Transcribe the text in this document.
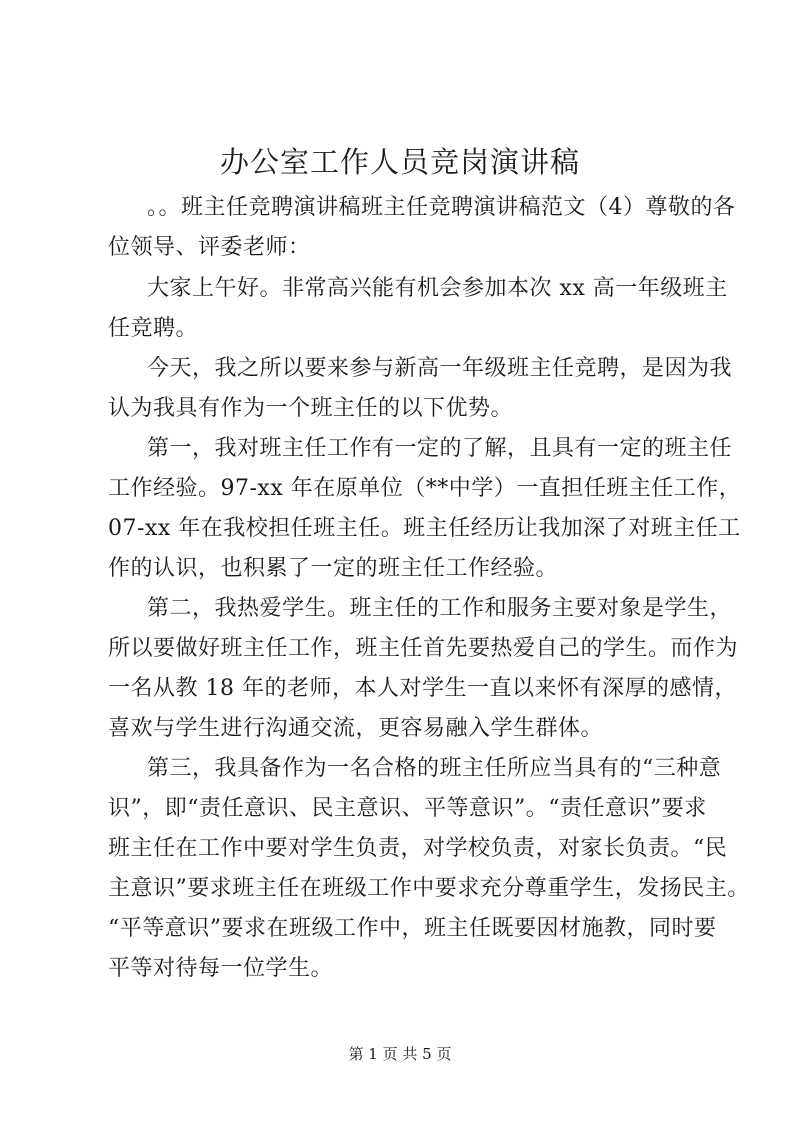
办公室工作人员竞岗演讲稿
。。班主任竞聘演讲稿班主任竞聘演讲稿范文（4）尊敬的各
位领导、评委老师：
大家上午好。非常高兴能有机会参加本次 xx 高一年级班主
任竞聘。
今天，我之所以要来参与新高一年级班主任竞聘，是因为我
认为我具有作为一个班主任的以下优势。
第一，我对班主任工作有一定的了解，且具有一定的班主任
工作经验。97-xx 年在原单位（**中学）一直担任班主任工作，
07-xx 年在我校担任班主任。班主任经历让我加深了对班主任工
作的认识，也积累了一定的班主任工作经验。
第二，我热爱学生。班主任的工作和服务主要对象是学生，
所以要做好班主任工作，班主任首先要热爱自己的学生。而作为
一名从教 18 年的老师，本人对学生一直以来怀有深厚的感情，
喜欢与学生进行沟通交流，更容易融入学生群体。
第三，我具备作为一名合格的班主任所应当具有的“三种意
识”，即“责任意识、民主意识、平等意识”。“责任意识”要求
班主任在工作中要对学生负责，对学校负责，对家长负责。“民
主意识”要求班主任在班级工作中要求充分尊重学生，发扬民主。
“平等意识”要求在班级工作中，班主任既要因材施教，同时要
平等对待每一位学生。
第 1 页 共 5 页
